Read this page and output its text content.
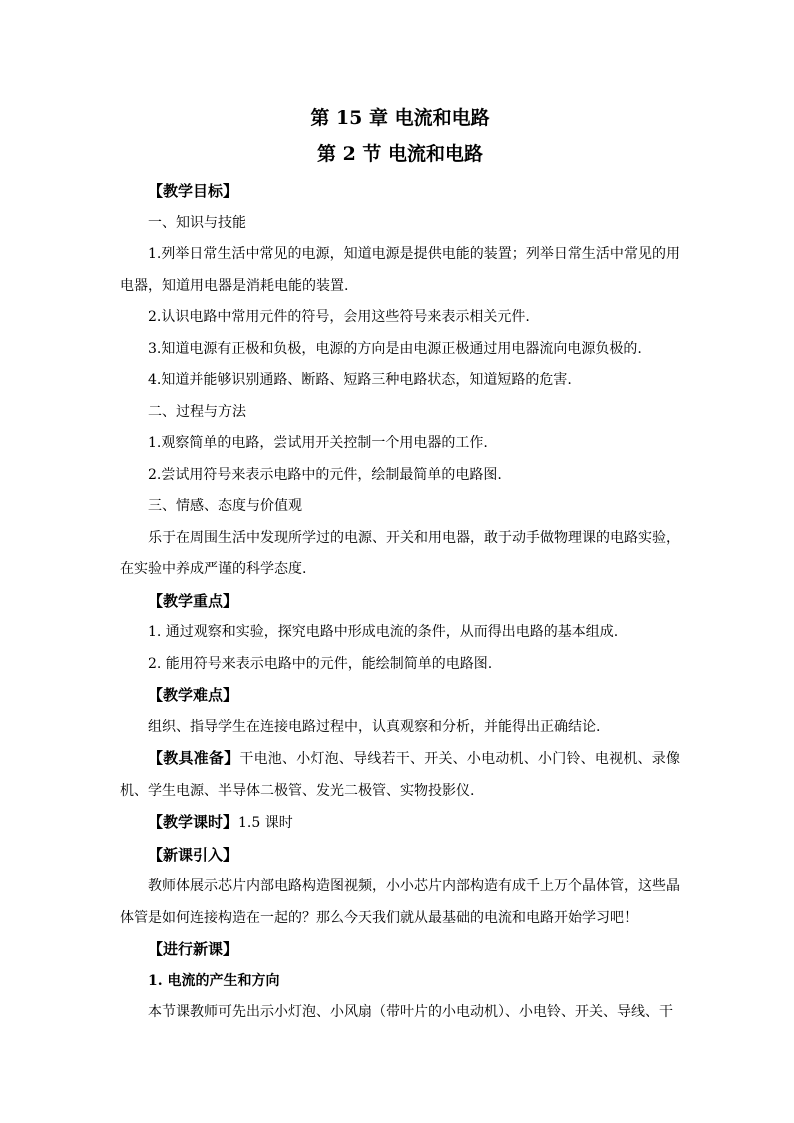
第 15 章 电流和电路

第 2 节 电流和电路

【教学目标】

一、知识与技能

1.列举日常生活中常见的电源，知道电源是提供电能的装置；列举日常生活中常见的用电器，知道用电器是消耗电能的装置.

2.认识电路中常用元件的符号，会用这些符号来表示相关元件.

3.知道电源有正极和负极，电源的方向是由电源正极通过用电器流向电源负极的.

4.知道并能够识别通路、断路、短路三种电路状态，知道短路的危害.

二、过程与方法

1.观察简单的电路，尝试用开关控制一个用电器的工作.

2.尝试用符号来表示电路中的元件，绘制最简单的电路图.

三、情感、态度与价值观

乐于在周围生活中发现所学过的电源、开关和用电器，敢于动手做物理课的电路实验，在实验中养成严谨的科学态度.

【教学重点】

1. 通过观察和实验，探究电路中形成电流的条件，从而得出电路的基本组成.

2. 能用符号来表示电路中的元件，能绘制简单的电路图.

【教学难点】

组织、指导学生在连接电路过程中，认真观察和分析，并能得出正确结论.

【教具准备】干电池、小灯泡、导线若干、开关、小电动机、小门铃、电视机、录像机、学生电源、半导体二极管、发光二极管、实物投影仪.

【教学课时】1.5 课时

【新课引入】

教师体展示芯片内部电路构造图视频，小小芯片内部构造有成千上万个晶体管，这些晶体管是如何连接构造在一起的？那么今天我们就从最基础的电流和电路开始学习吧！

【进行新课】

1. 电流的产生和方向

本节课教师可先出示小灯泡、小风扇（带叶片的小电动机）、小电铃、开关、导线、干
